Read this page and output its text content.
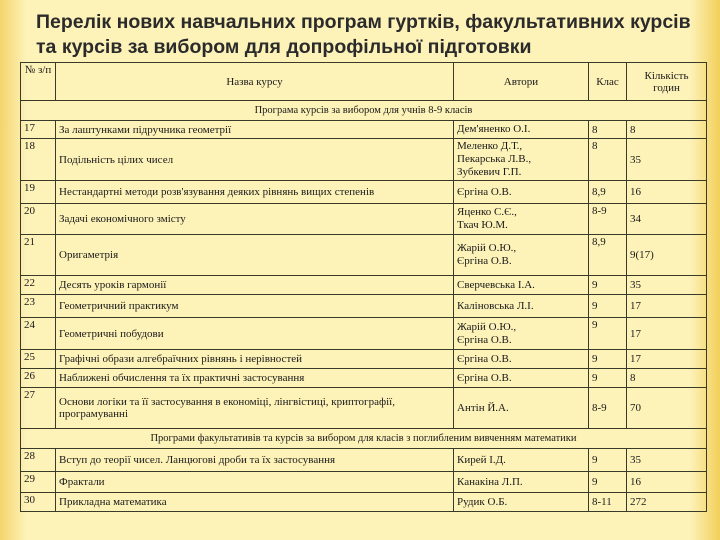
Перелік нових навчальних програм гуртків, факультативних курсів та курсів за вибором для допрофільної підготовки
№ з/п	Назва курсу	Автори	Клас	Кількість годин
Програма курсів за вибором для учнів 8-9 класів				
17	За лаштунками підручника геометрії	Дем'яненко О.І.	8	8
18	Подільність цілих чисел	Меленко Д.Т.,
Пекарська Л.В.,
Зубкевич Г.П.	8	35
19	Нестандартні методи розв'язування деяких рівнянь вищих степенів	Єргіна О.В.	8,9	16
20	Задачі економічного змісту	Яценко С.Є.,
Ткач Ю.М.	8-9	34
21	Оригаметрія	Жарій О.Ю.,
Єргіна О.В.	8,9	9(17)
22	Десять уроків гармонії	Сверчевська І.А.	9	35
23	Геометричний практикум	Каліновська Л.І.	9	17
24	Геометричні побудови	Жарій О.Ю.,
Єргіна О.В.	9	17
25	Графічні образи алгебраїчних рівнянь і нерівностей	Єргіна О.В.	9	17
26	Наближені обчислення та їх практичні застосування	Єргіна О.В.	9	8
27	Основи логіки та її застосування в економіці, лінгвістиці, криптографії, програмуванні	Антін Й.А.	8-9	70
Програми факультативів та курсів за вибором для класів з поглибленим вивченням математики				
28	Вступ до теорії чисел. Ланцюгові дроби та їх застосування	Кирей І.Д.	9	35
29	Фрактали	Канакіна Л.П.	9	16
30	Прикладна математика	Рудик О.Б.	8-11	272
